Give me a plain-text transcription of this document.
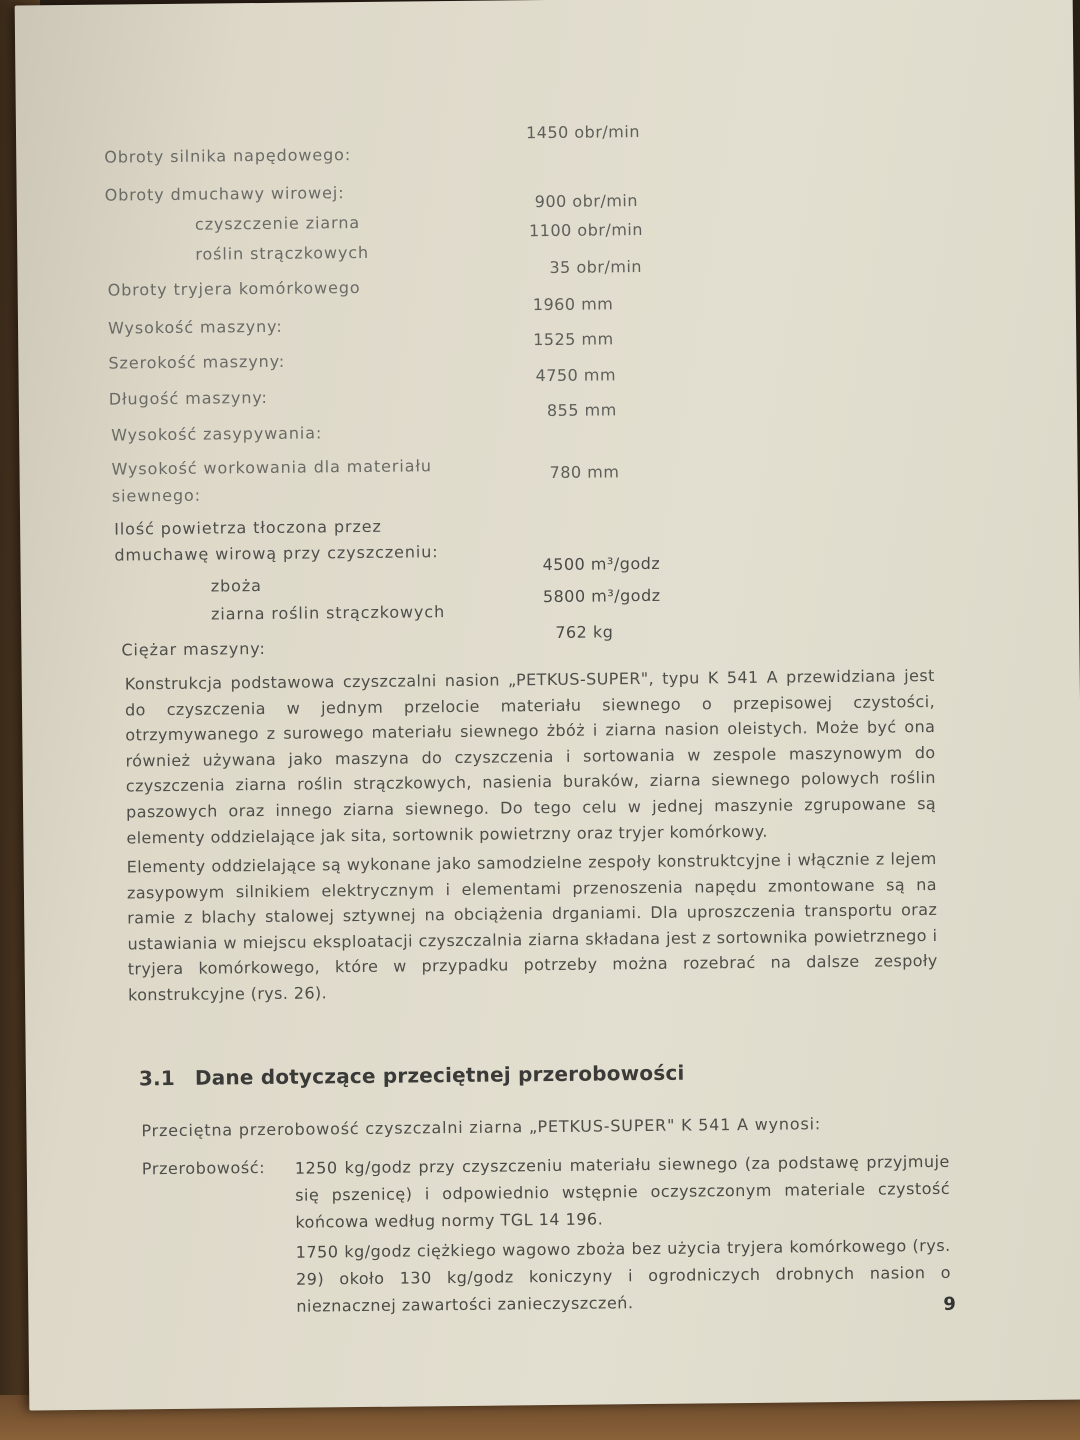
Obroty silnika napędowego:
1450 obr/min
Obroty dmuchawy wirowej:
czyszczenie ziarna
900 obr/min
roślin strączkowych
1100 obr/min
Obroty tryjera komórkowego
35 obr/min
Wysokość maszyny:
1960 mm
Szerokość maszyny:
1525 mm
Długość maszyny:
4750 mm
Wysokość zasypywania:
855 mm
Wysokość workowania dla materiału
siewnego:
780 mm
Ilość powietrza tłoczona przez
dmuchawę wirową przy czyszczeniu:
zboża
4500 m³/godz
ziarna roślin strączkowych
5800 m³/godz
Ciężar maszyny:
762 kg
Konstrukcja podstawowa czyszczalni nasion „PETKUS-SUPER", typu K 541 A przewidziana jest do czyszczenia w jednym przelocie materiału siewnego o przepisowej czystości, otrzymywanego z surowego materiału siewnego żbóż i ziarna nasion oleistych. Może być ona również używana jako maszyna do czyszczenia i sortowania w zespole maszynowym do czyszczenia ziarna roślin strączkowych, nasienia buraków, ziarna siewnego polowych roślin paszowych oraz innego ziarna siewnego. Do tego celu w jednej maszynie zgrupowane są elementy oddzielające jak sita, sortownik powietrzny oraz tryjer komórkowy.
Elementy oddzielające są wykonane jako samodzielne zespoły konstruktcyjne i włącznie z lejem zasypowym silnikiem elektrycznym i elementami przenoszenia napędu zmontowane są na ramie z blachy stalowej sztywnej na obciążenia drganiami. Dla uproszczenia transportu oraz ustawiania w miejscu eksploatacji czyszczalnia ziarna składana jest z sortownika powietrznego i tryjera komórkowego, które w przypadku potrzeby można rozebrać na dalsze zespoły konstrukcyjne (rys. 26).
3.1 Dane dotyczące przeciętnej przerobowości
Przeciętna przerobowość czyszczalni ziarna „PETKUS-SUPER" K 541 A wynosi:
Przerobowość: 1250 kg/godz przy czyszczeniu materiału siewnego (za podstawę przyjmuje się pszenicę) i odpowiednio wstępnie oczyszczonym materiale czystość końcowa według normy TGL 14 196.
1750 kg/godz ciężkiego wagowo zboża bez użycia tryjera komórkowego (rys. 29) około 130 kg/godz koniczyny i ogrodniczych drobnych nasion o nieznacznej zawartości zanieczyszczeń.	9
